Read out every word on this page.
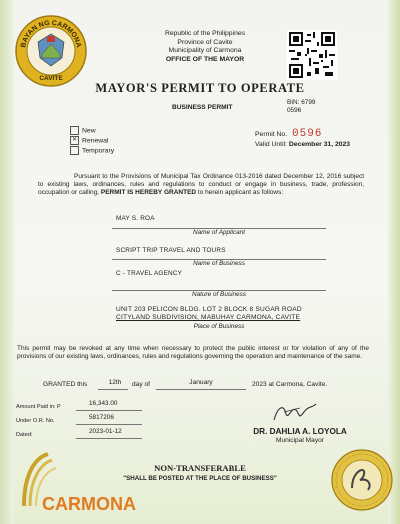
BAYAN NG CARMONA
CAVITE
Republic of the Philippines
Province of Cavite
Municipality of Carmona
OFFICE OF THE MAYOR
MAYOR'S PERMIT TO OPERATE
BUSINESS PERMIT
BIN: 6799
0596
New
✕ Renewal
Temporary
Permit No. 0596
Valid Until: December 31, 2023
Pursuant to the Provisions of Municipal Tax Ordinance 013-2016 dated December 12, 2016 subject to existing laws, ordinances, rules and regulations to conduct or engage in business, trade, profession, occupation or calling, PERMIT IS HEREBY GRANTED to herein applicant as follows:
MAY S. ROA
Name of Applicant
SCRIPT TRIP TRAVEL AND TOURS
Name of Business
C - TRAVEL AGENCY
Nature of Business
UNIT 203 PELICON BLDG. LOT 2 BLOCK 8 SUGAR ROAD
CITYLAND SUBDIVISION, MABUHAY CARMONA, CAVITE
Place of Business
This permit may be revoked at any time when necessary to protect the public interest or for violation of any of the provisions of our existing laws, ordinances, rules and regulations governing the operation and maintenance of the same.
GRANTED this	12th	day of	January	2023 at Carmona, Cavite.
Amount Paid in: P	16,343.00
Under O.R. No.	5817206
Dated:	2023-01-12	DR. DAHLIA A. LOYOLA
Municipal Mayor
NON-TRANSFERABLE
"SHALL BE POSTED AT THE PLACE OF BUSINESS"
CARMONA
